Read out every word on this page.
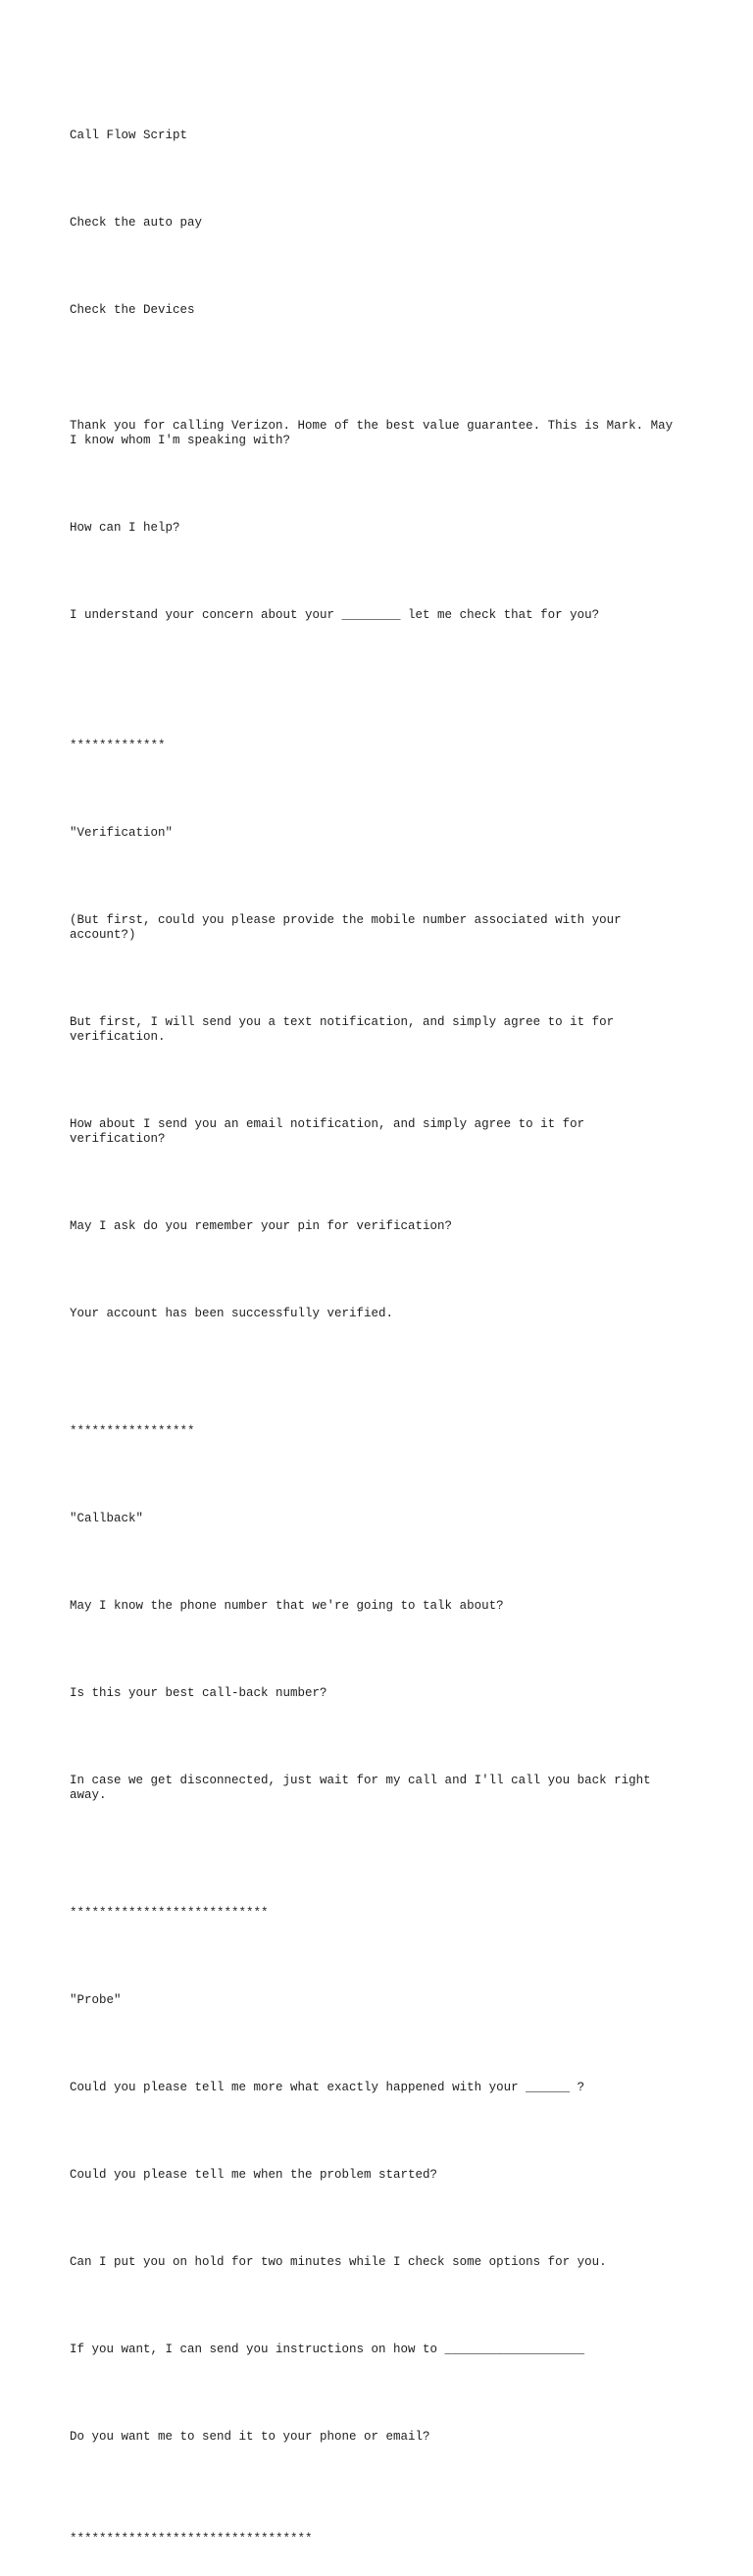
Call Flow Script

Check the auto pay

Check the Devices

Thank you for calling Verizon. Home of the best value guarantee. This is Mark. May I know whom I'm speaking with?

How can I help?

I understand your concern about your ________ let me check that for you?

*************

"Verification"

(But first, could you please provide the mobile number associated with your account?)

But first, I will send you a text notification, and simply agree to it for verification.

How about I send you an email notification, and simply agree to it for verification?

May I ask do you remember your pin for verification?

Your account has been successfully verified.

*****************

"Callback"

May I know the phone number that we're going to talk about?

Is this your best call-back number?

In case we get disconnected, just wait for my call and I'll call you back right away.

***************************

"Probe"

Could you please tell me more what exactly happened with your ______ ?

Could you please tell me when the problem started?

Can I put you on hold for two minutes while I check some options for you.

If you want, I can send you instructions on how to ___________________

Do you want me to send it to your phone or email?

*********************************
